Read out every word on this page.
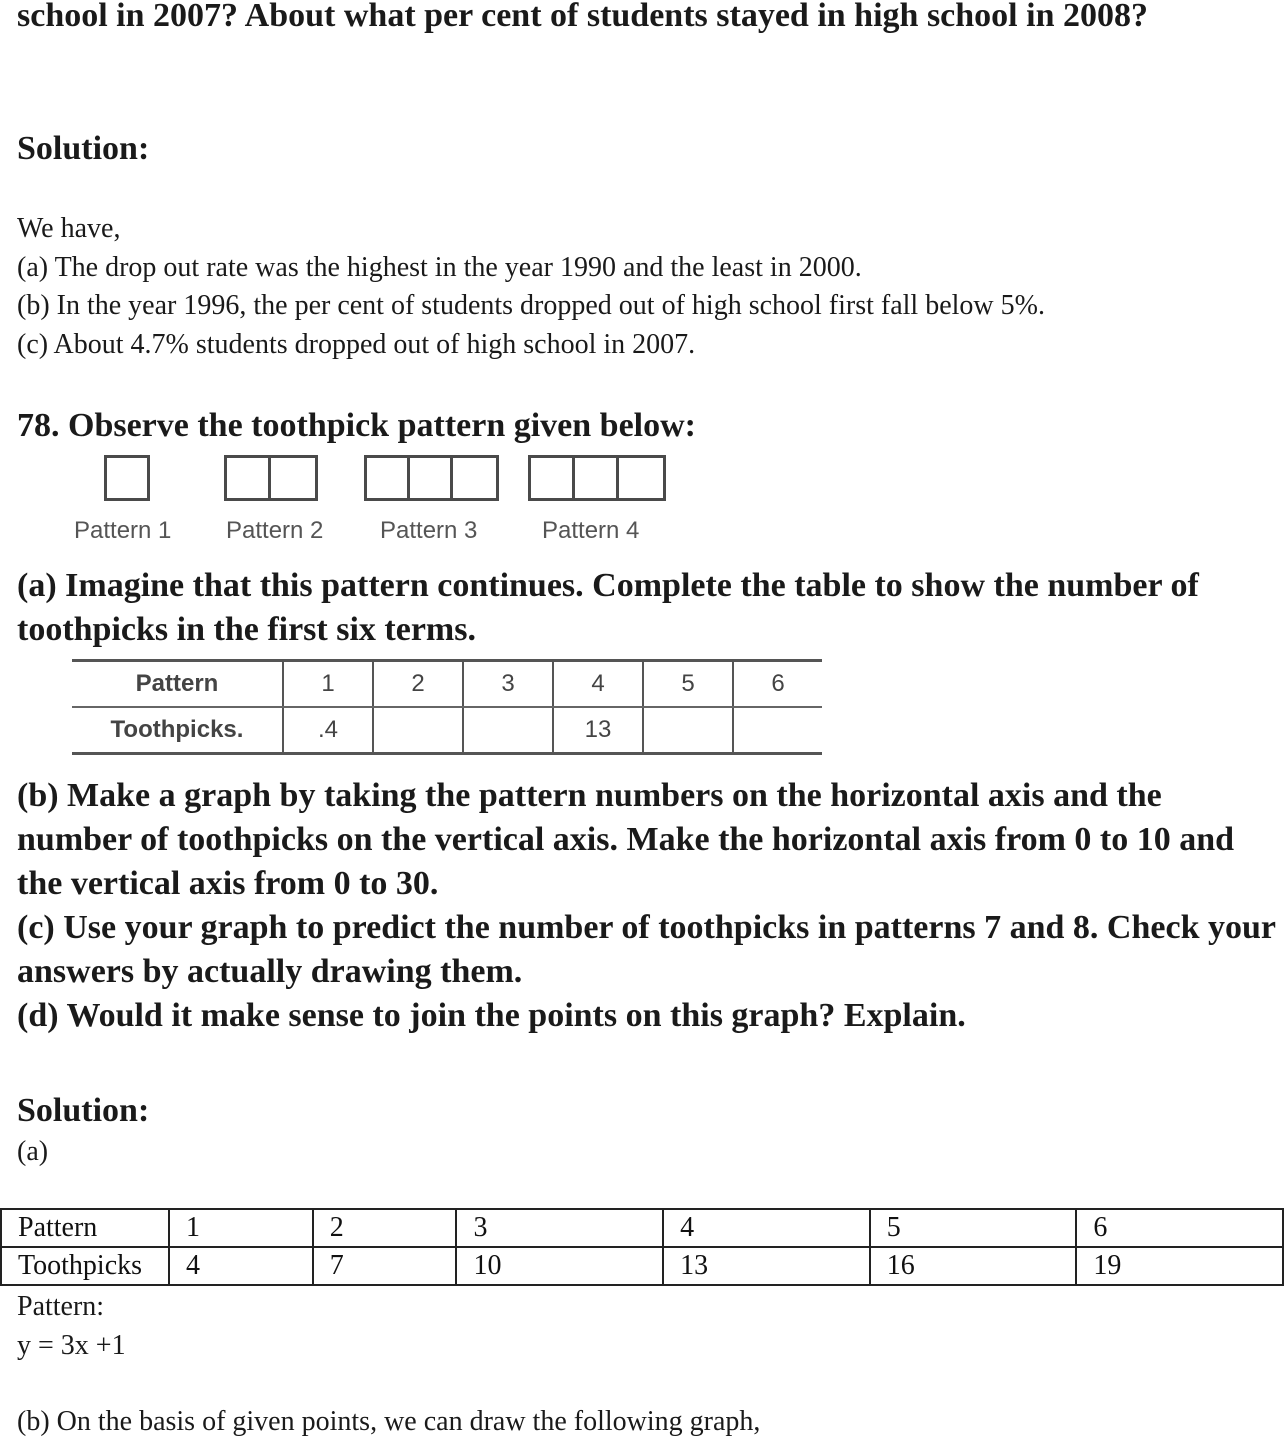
school in 2007? About what per cent of students stayed in high school in 2008?

Solution:

We have,
(a) The drop out rate was the highest in the year 1990 and the least in 2000.
(b) In the year 1996, the per cent of students dropped out of high school first fall below 5%.
(c) About 4.7% students dropped out of high school in 2007.

78. Observe the toothpick pattern given below:

Pattern 1 Pattern 2 Pattern 3	Pattern 4

(a) Imagine that this pattern continues. Complete the table to show the number of toothpicks in the first six terms.

Pattern	1	2	3	4	5	6
Toothpicks.	.4			13		
(b) Make a graph by taking the pattern numbers on the horizontal axis and the number of toothpicks on the vertical axis. Make the horizontal axis from 0 to 10 and the vertical axis from 0 to 30.
(c) Use your graph to predict the number of toothpicks in patterns 7 and 8. Check your answers by actually drawing them.
(d) Would it make sense to join the points on this graph? Explain.

Solution:

(a)

Pattern	1	2	3	4	5	6
Toothpicks	4	7	10	13	16	19
Pattern:
y = 3x +1

(b) On the basis of given points, we can draw the following graph,
